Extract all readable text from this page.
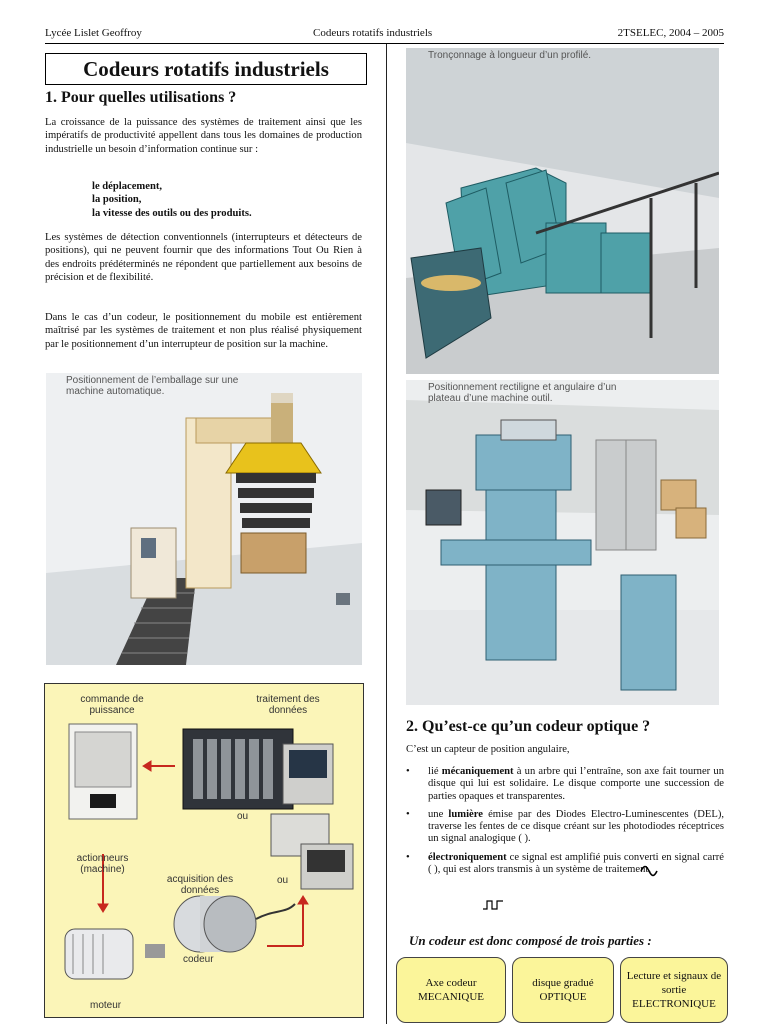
Lycée Lislet Geoffroy	Codeurs rotatifs industriels	2TSELEC, 2004 – 2005
Codeurs rotatifs industriels
1. Pour quelles utilisations ?
La croissance de la puissance des systèmes de traitement ainsi que les impératifs de productivité appellent dans tous les domaines de production industrielle un besoin d’information continue sur :
le déplacement,
la position,
la vitesse des outils ou des produits.
Les systèmes de détection conventionnels (interrupteurs et détecteurs de positions), qui ne peuvent fournir que des informations Tout Ou Rien à des endroits prédéterminés ne répondent que partiellement aux besoins de précision et de flexibilité.
Dans le cas d’un codeur, le positionnement du mobile est entièrement maîtrisé par les systèmes de traitement et non plus réalisé physiquement par le positionnement d’un interrupteur de position sur la machine.
Positionnement de l’emballage sur une machine automatique.
commande de puissance
traitement des données
ou
ou
actionneurs (machine)
acquisition des données
codeur
moteur
Tronçonnage à longueur d’un profilé.
Positionnement rectiligne et angulaire d’un plateau d’une machine outil.
2. Qu’est-ce qu’un codeur optique ?
C’est un capteur de position angulaire,
• lié mécaniquement à un arbre qui l’entraîne, son axe fait tourner un disque qui lui est solidaire. Le disque comporte une succession de parties opaques et transparentes.
• une lumière émise par des Diodes Electro-Luminescentes (DEL), traverse les fentes de ce disque créant sur les photodiodes réceptrices un signal analogique ( ).
• électroniquement ce signal est amplifié puis converti en signal carré ( ), qui est alors transmis à un système de traitement.
Un codeur est donc composé de trois parties :
Axe codeur
MECANIQUE
disque gradué
OPTIQUE
Lecture et signaux de sortie
ELECTRONIQUE
